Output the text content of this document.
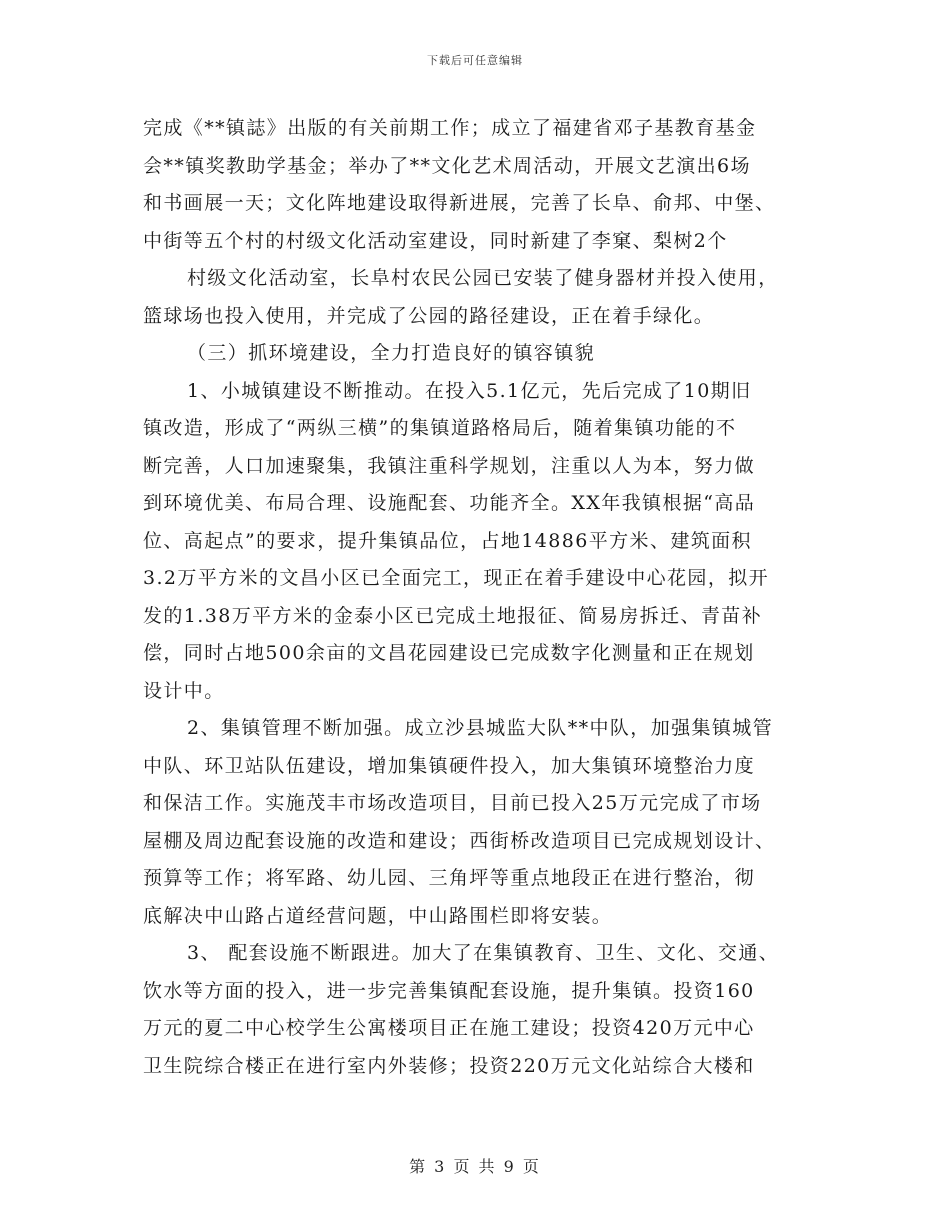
下载后可任意编辑
完成《**镇誌》出版的有关前期工作；成立了福建省邓子基教育基金
会**镇奖教助学基金；举办了**文化艺术周活动，开展文艺演出6场
和书画展一天；文化阵地建设取得新进展，完善了长阜、俞邦、中堡、
中街等五个村的村级文化活动室建设，同时新建了李窠、梨树2个
村级文化活动室，长阜村农民公园已安装了健身器材并投入使用，
篮球场也投入使用，并完成了公园的路径建设，正在着手绿化。
（三）抓环境建设，全力打造良好的镇容镇貌
1、小城镇建设不断推动。在投入5.1亿元，先后完成了10期旧
镇改造，形成了“两纵三横”的集镇道路格局后，随着集镇功能的不
断完善，人口加速聚集，我镇注重科学规划，注重以人为本，努力做
到环境优美、布局合理、设施配套、功能齐全。XX年我镇根据“高品
位、高起点”的要求，提升集镇品位，占地14886平方米、建筑面积
3.2万平方米的文昌小区已全面完工，现正在着手建设中心花园，拟开
发的1.38万平方米的金泰小区已完成土地报征、简易房拆迁、青苗补
偿，同时占地500余亩的文昌花园建设已完成数字化测量和正在规划
设计中。
2、集镇管理不断加强。成立沙县城监大队**中队，加强集镇城管
中队、环卫站队伍建设，增加集镇硬件投入，加大集镇环境整治力度
和保洁工作。实施茂丰市场改造项目，目前已投入25万元完成了市场
屋棚及周边配套设施的改造和建设；西街桥改造项目已完成规划设计、
预算等工作；将军路、幼儿园、三角坪等重点地段正在进行整治，彻
底解决中山路占道经营问题，中山路围栏即将安装。
3、 配套设施不断跟进。加大了在集镇教育、卫生、文化、交通、
饮水等方面的投入，进一步完善集镇配套设施，提升集镇。投资160
万元的夏二中心校学生公寓楼项目正在施工建设；投资420万元中心
卫生院综合楼正在进行室内外装修；投资220万元文化站综合大楼和
第 3 页 共 9 页
